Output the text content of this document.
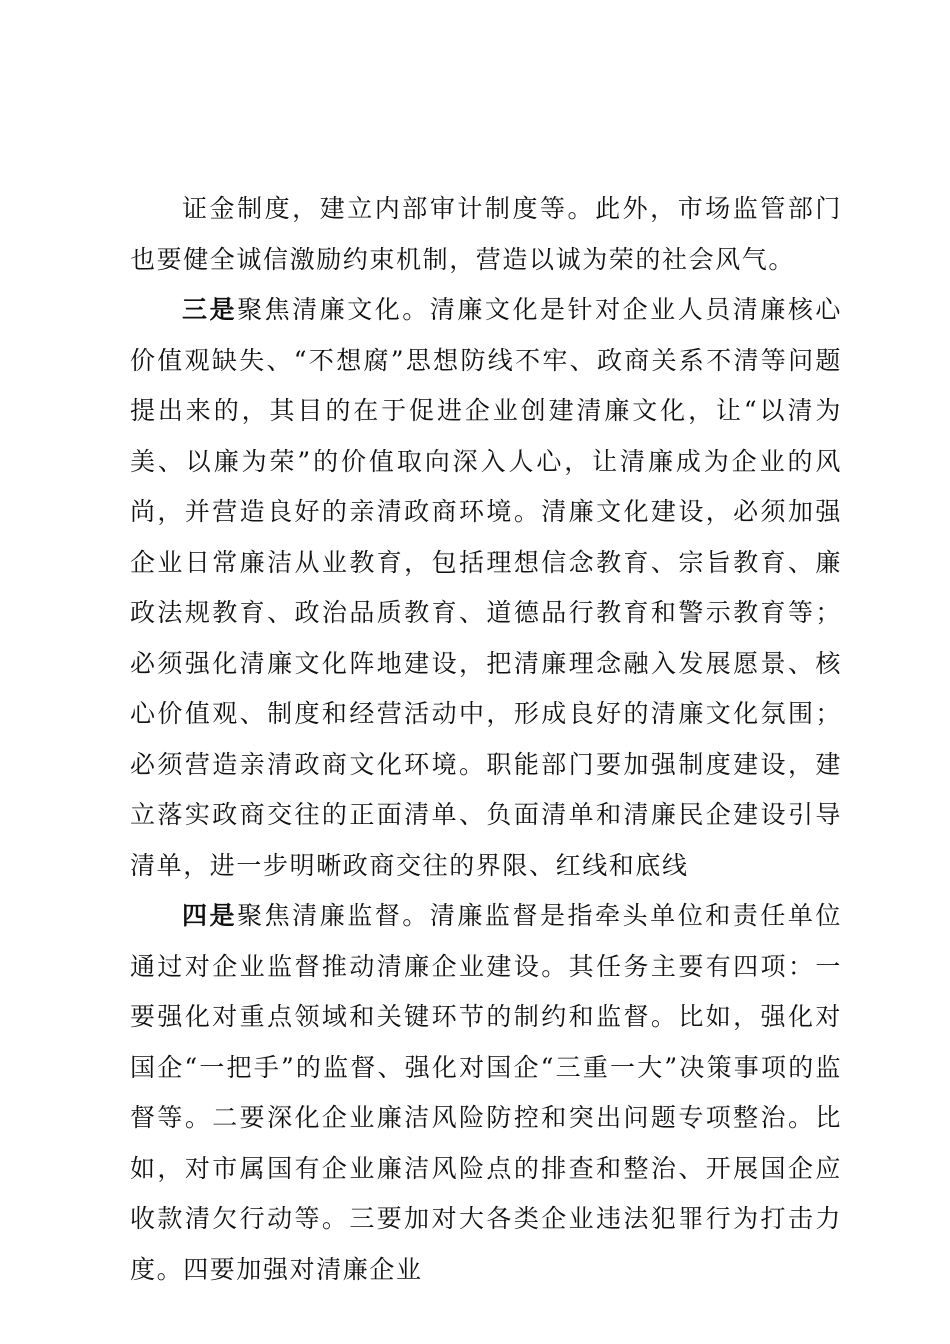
证金制度，建立内部审计制度等。此外，市场监管部门也要健全诚信激励约束机制，营造以诚为荣的社会风气。

三是聚焦清廉文化。清廉文化是针对企业人员清廉核心价值观缺失、“不想腐”思想防线不牢、政商关系不清等问题提出来的，其目的在于促进企业创建清廉文化，让“以清为美、以廉为荣”的价值取向深入人心，让清廉成为企业的风尚，并营造良好的亲清政商环境。清廉文化建设，必须加强企业日常廉洁从业教育，包括理想信念教育、宗旨教育、廉政法规教育、政治品质教育、道德品行教育和警示教育等；必须强化清廉文化阵地建设，把清廉理念融入发展愿景、核心价值观、制度和经营活动中，形成良好的清廉文化氛围；必须营造亲清政商文化环境。职能部门要加强制度建设，建立落实政商交往的正面清单、负面清单和清廉民企建设引导清单，进一步明晰政商交往的界限、红线和底线

四是聚焦清廉监督。清廉监督是指牵头单位和责任单位通过对企业监督推动清廉企业建设。其任务主要有四项：一要强化对重点领域和关键环节的制约和监督。比如，强化对国企“一把手”的监督、强化对国企“三重一大”决策事项的监督等。二要深化企业廉洁风险防控和突出问题专项整治。比如，对市属国有企业廉洁风险点的排查和整治、开展国企应收款清欠行动等。三要加对大各类企业违法犯罪行为打击力度。四要加强对清廉企业
